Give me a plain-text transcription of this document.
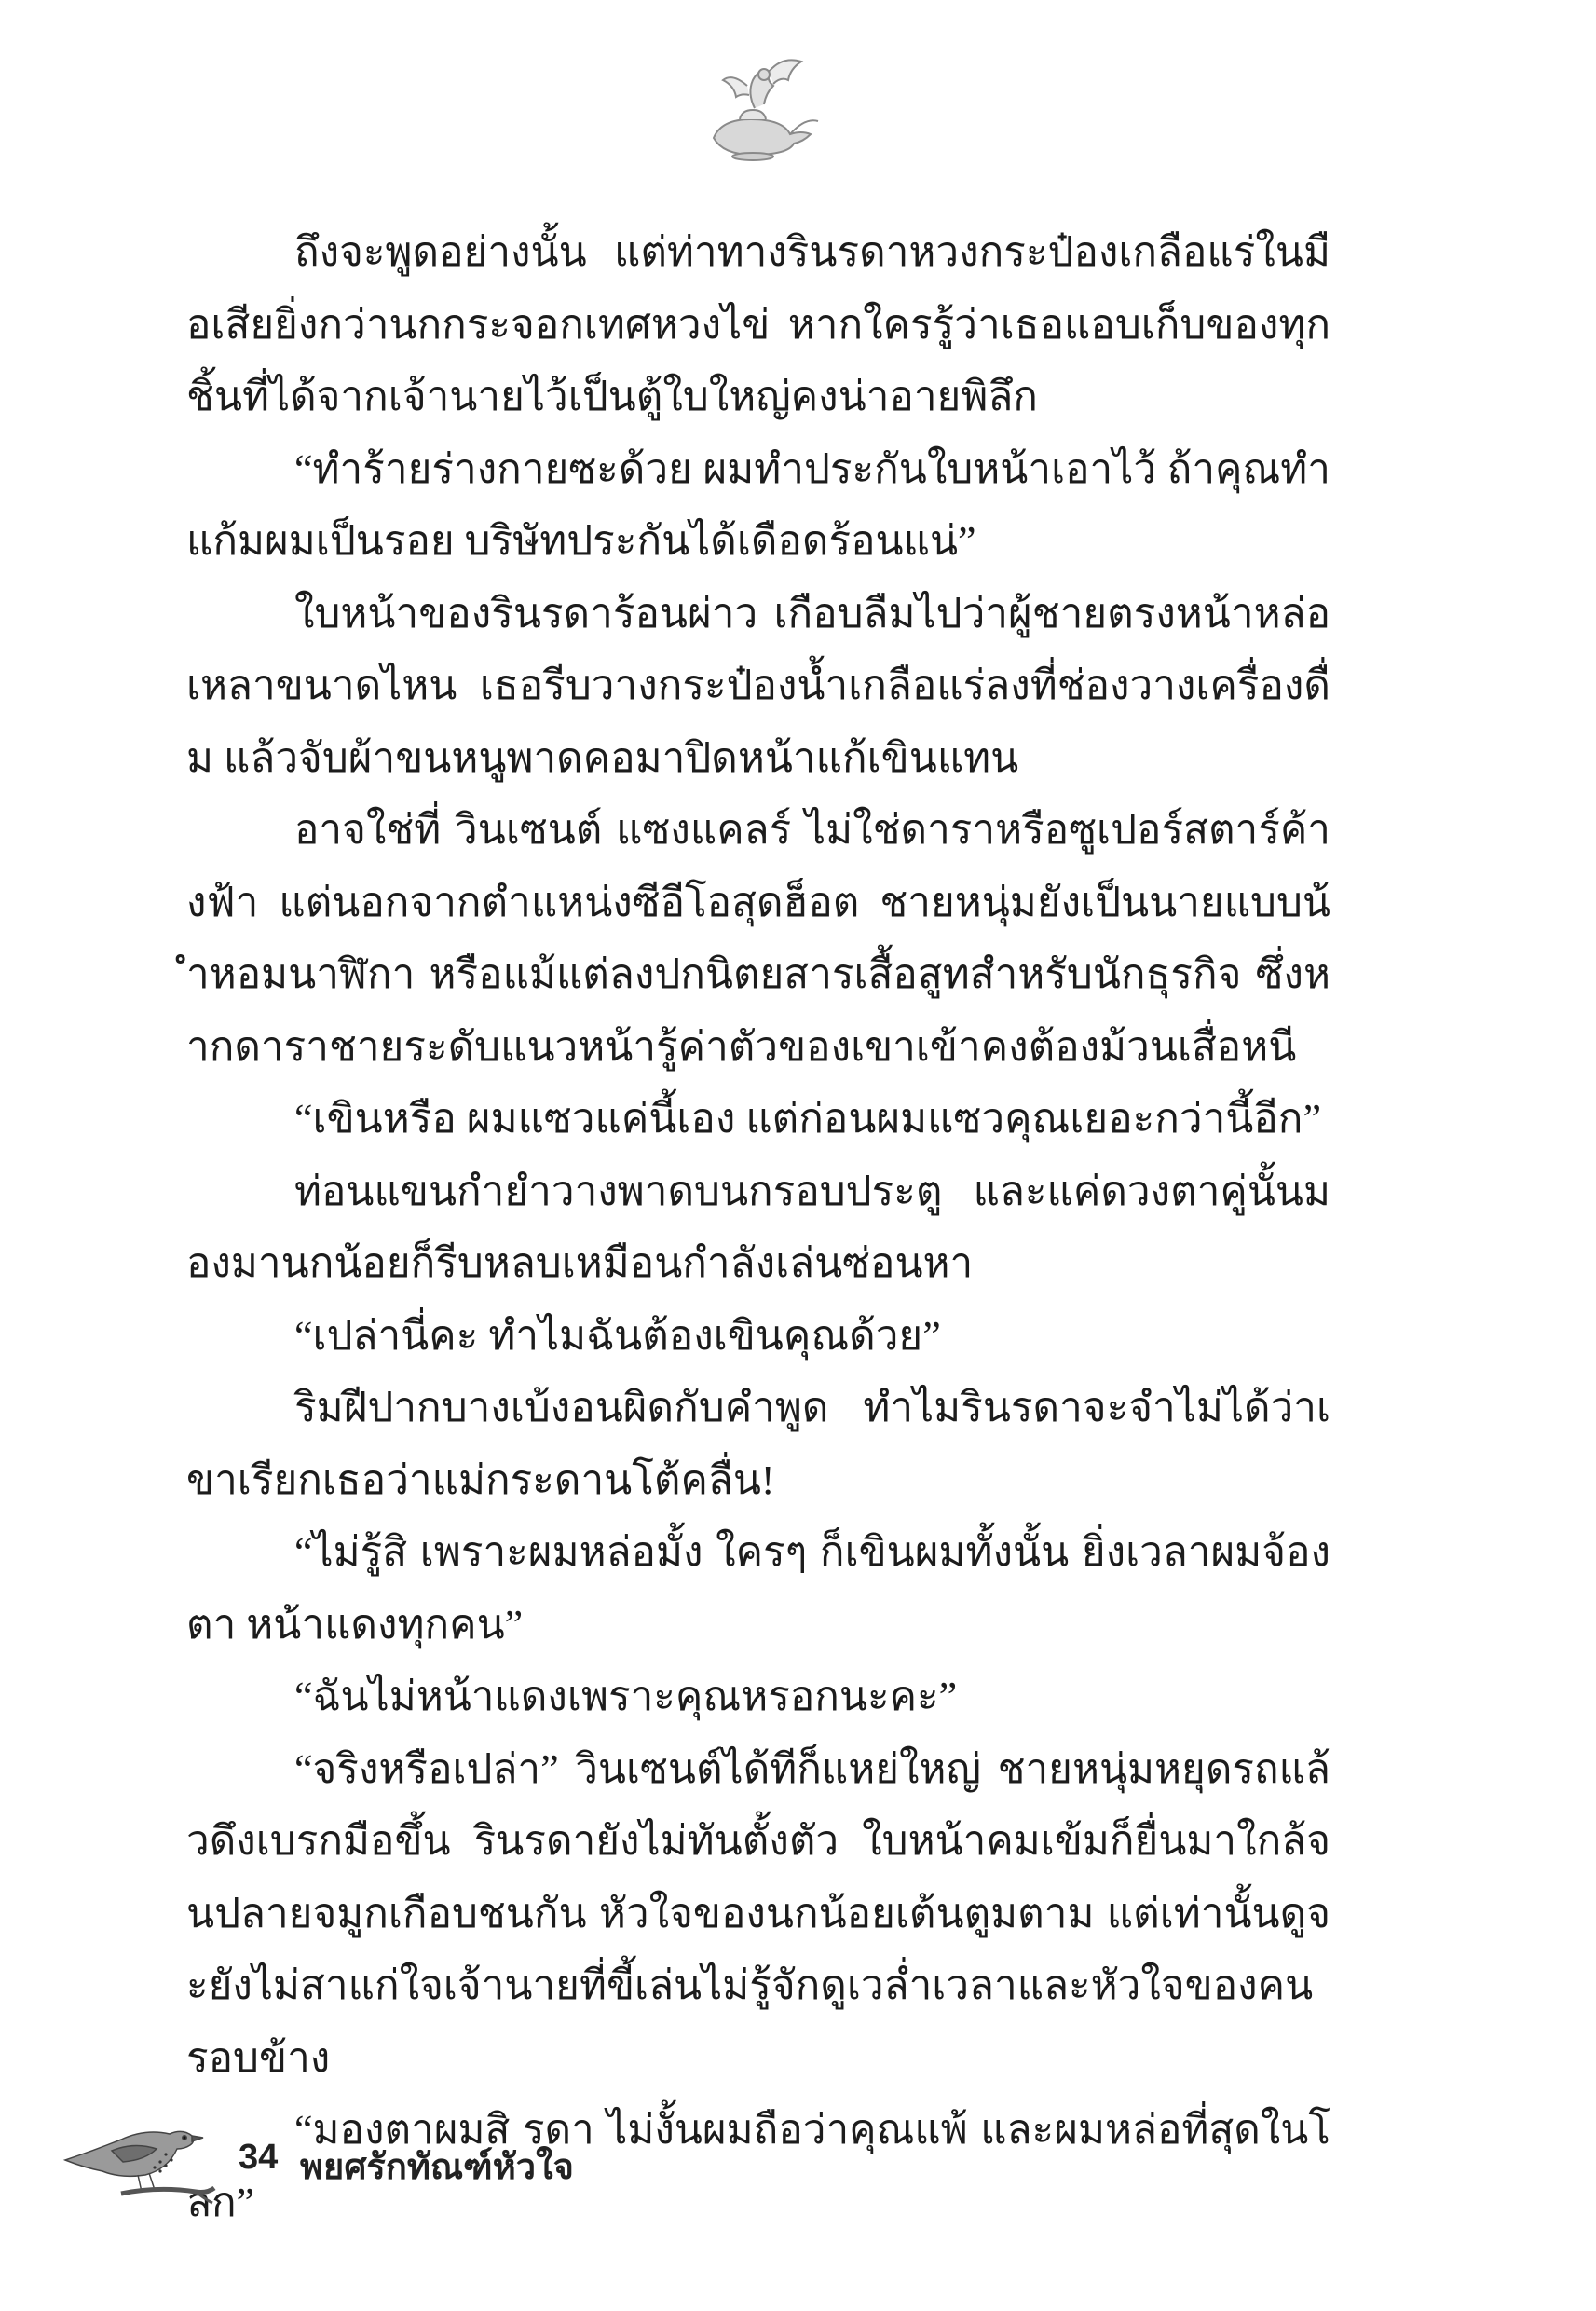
ถึงจะพูดอย่างนั้น แต่ท่าทางรินรดาหวงกระป๋องเกลือแร่ในมือเสียยิ่งกว่านกกระจอกเทศหวงไข่ หากใครรู้ว่าเธอแอบเก็บของทุกชิ้นที่ได้จากเจ้านายไว้เป็นตู้ใบใหญ่คงน่าอายพิลึก

“ทำร้ายร่างกายซะด้วย ผมทำประกันใบหน้าเอาไว้ ถ้าคุณทำแก้มผมเป็นรอย บริษัทประกันได้เดือดร้อนแน่”

ใบหน้าของรินรดาร้อนผ่าว เกือบลืมไปว่าผู้ชายตรงหน้าหล่อเหลาขนาดไหน เธอรีบวางกระป๋องน้ำเกลือแร่ลงที่ช่องวางเครื่องดื่ม แล้วจับผ้าขนหนูพาดคอมาปิดหน้าแก้เขินแทน

อาจใช่ที่ วินเซนต์ แซงแคลร์ ไม่ใช่ดาราหรือซูเปอร์สตาร์ค้างฟ้า แต่นอกจากตำแหน่งซีอีโอสุดฮ็อต ชายหนุ่มยังเป็นนายแบบน้ำหอมนาฬิกา หรือแม้แต่ลงปกนิตยสารเสื้อสูทสำหรับนักธุรกิจ ซึ่งหากดาราชายระดับแนวหน้ารู้ค่าตัวของเขาเข้าคงต้องม้วนเสื่อหนี

“เขินหรือ ผมแซวแค่นี้เอง แต่ก่อนผมแซวคุณเยอะกว่านี้อีก”

ท่อนแขนกำยำวางพาดบนกรอบประตู และแค่ดวงตาคู่นั้นมองมานกน้อยก็รีบหลบเหมือนกำลังเล่นซ่อนหา

“เปล่านี่คะ ทำไมฉันต้องเขินคุณด้วย”

ริมฝีปากบางเบ้งอนผิดกับคำพูด ทำไมรินรดาจะจำไม่ได้ว่าเขาเรียกเธอว่าแม่กระดานโต้คลื่น!

“ไม่รู้สิ เพราะผมหล่อมั้ง ใครๆ ก็เขินผมทั้งนั้น ยิ่งเวลาผมจ้องตา หน้าแดงทุกคน”

“ฉันไม่หน้าแดงเพราะคุณหรอกนะคะ”

“จริงหรือเปล่า” วินเซนต์ได้ทีก็แหย่ใหญ่ ชายหนุ่มหยุดรถแล้วดึงเบรกมือขึ้น รินรดายังไม่ทันตั้งตัว ใบหน้าคมเข้มก็ยื่นมาใกล้จนปลายจมูกเกือบชนกัน หัวใจของนกน้อยเต้นตูมตาม แต่เท่านั้นดูจะยังไม่สาแก่ใจเจ้านายที่ขี้เล่นไม่รู้จักดูเวล่ำเวลาและหัวใจของคนรอบข้าง

“มองตาผมสิ รดา ไม่งั้นผมถือว่าคุณแพ้ และผมหล่อที่สุดในโลก”

34 พยศรักทัณฑ์หัวใจ
